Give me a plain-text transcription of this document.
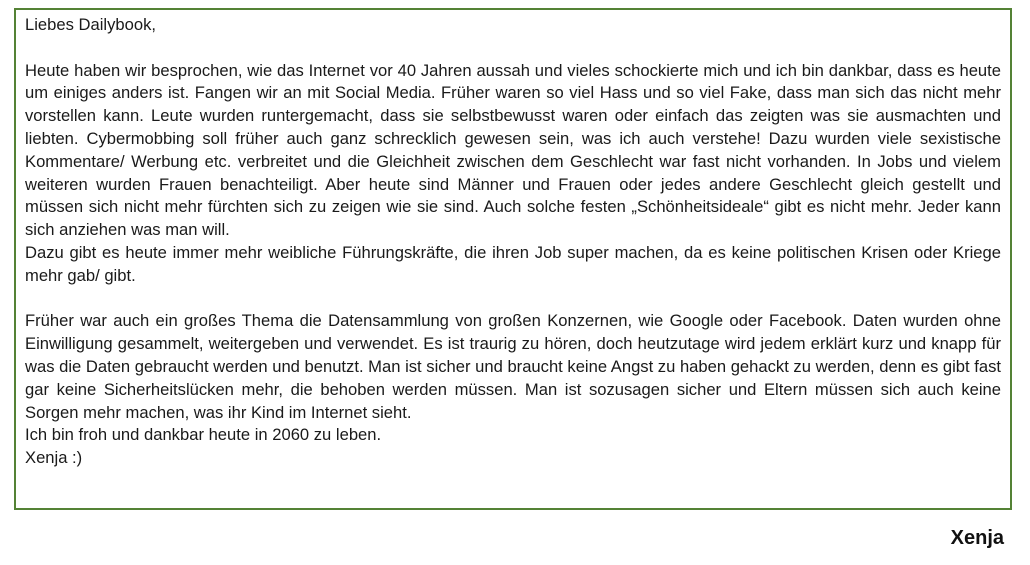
Liebes Dailybook,

Heute haben wir besprochen, wie das Internet vor 40 Jahren aussah und vieles schockierte mich und ich bin dankbar, dass es heute um einiges anders ist. Fangen wir an mit Social Media. Früher waren so viel Hass und so viel Fake, dass man sich das nicht mehr vorstellen kann. Leute wurden runtergemacht, dass sie selbstbewusst waren oder einfach das zeigten was sie ausmachten und liebten. Cybermobbing soll früher auch ganz schrecklich gewesen sein, was ich auch verstehe! Dazu wurden viele sexistische Kommentare/ Werbung etc. verbreitet und die Gleichheit zwischen dem Geschlecht war fast nicht vorhanden. In Jobs und vielem weiteren wurden Frauen benachteiligt. Aber heute sind Männer und Frauen oder jedes andere Geschlecht gleich gestellt und müssen sich nicht mehr fürchten sich zu zeigen wie sie sind. Auch solche festen „Schönheitsideale“ gibt es nicht mehr. Jeder kann sich anziehen was man will.

Dazu gibt es heute immer mehr weibliche Führungskräfte, die ihren Job super machen, da es keine politischen Krisen oder Kriege mehr gab/ gibt.

Früher war auch ein großes Thema die Datensammlung von großen Konzernen, wie Google oder Facebook. Daten wurden ohne Einwilligung gesammelt, weitergeben und verwendet. Es ist traurig zu hören, doch heutzutage wird jedem erklärt kurz und knapp für was die Daten gebraucht werden und benutzt. Man ist sicher und braucht keine Angst zu haben gehackt zu werden, denn es gibt fast gar keine Sicherheitslücken mehr, die behoben werden müssen. Man ist sozusagen sicher und Eltern müssen sich auch keine Sorgen mehr machen, was ihr Kind im Internet sieht.

Ich bin froh und dankbar heute in 2060 zu leben.

Xenja :)

Xenja
